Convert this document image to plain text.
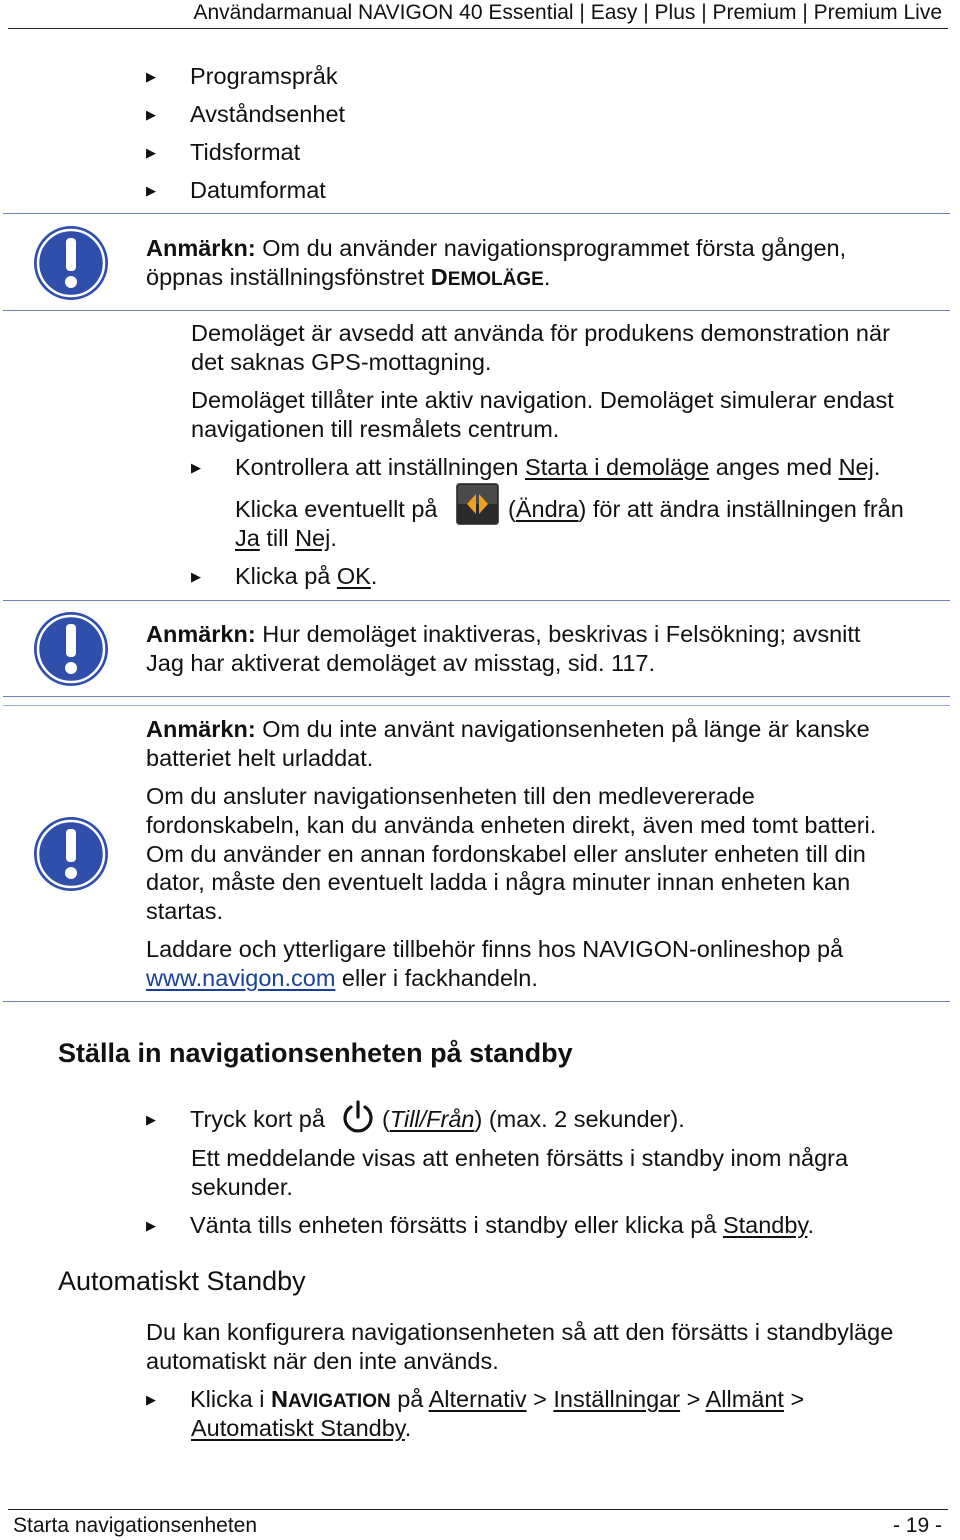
Användarmanual NAVIGON 40 Essential | Easy | Plus | Premium | Premium Live
▶ Programspråk
▶ Avståndsenhet
▶ Tidsformat
▶ Datumformat
Anmärkn: Om du använder navigationsprogrammet första gången,
öppnas inställningsfönstret DEMOLÄGE.
Demoläget är avsedd att använda för produkens demonstration när
det saknas GPS-mottagning.
Demoläget tillåter inte aktiv navigation. Demoläget simulerar endast
navigationen till resmålets centrum.
▶ Kontrollera att inställningen Starta i demoläge anges med Nej.
Klicka eventuellt på	(Ändra) för att ändra inställningen från
Ja till Nej.
▶ Klicka på OK.
Anmärkn: Hur demoläget inaktiveras, beskrivas i Felsökning; avsnitt
Jag har aktiverat demoläget av misstag, sid. 117.
Anmärkn: Om du inte använt navigationsenheten på länge är kanske
batteriet helt urladdat.
Om du ansluter navigationsenheten till den medlevererade
fordonskabeln, kan du använda enheten direkt, även med tomt batteri.
Om du använder en annan fordonskabel eller ansluter enheten till din
dator, måste den eventuelt ladda i några minuter innan enheten kan
startas.
Laddare och ytterligare tillbehör finns hos NAVIGON-onlineshop på
www.navigon.com eller i fackhandeln.
Ställa in navigationsenheten på standby
▶ Tryck kort på (Till/Från) (max. 2 sekunder).
Ett meddelande visas att enheten försätts i standby inom några
sekunder.
▶ Vänta tills enheten försätts i standby eller klicka på Standby.
Automatiskt Standby
Du kan konfigurera navigationsenheten så att den försätts i standbyläge
automatiskt när den inte används.
▶ Klicka i NAVIGATION på Alternativ > Inställningar > Allmänt >
Automatiskt Standby.
Starta navigationsenheten	- 19 -
